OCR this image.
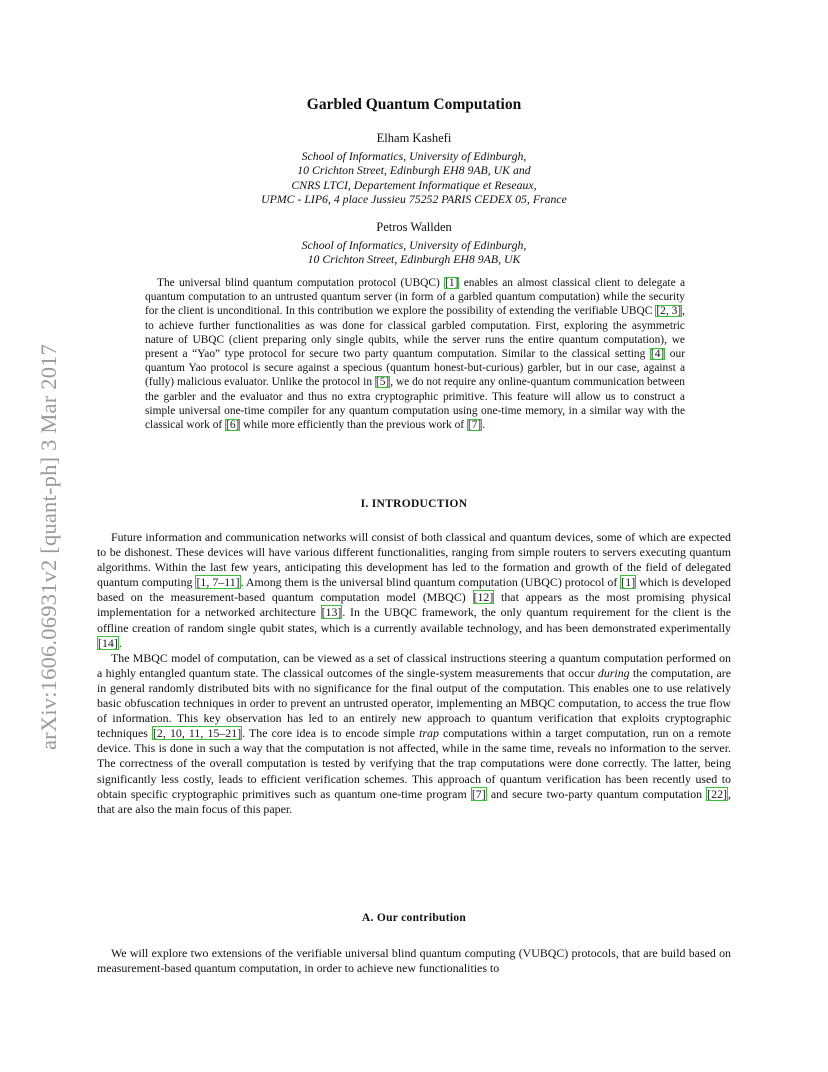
arXiv:1606.06931v2 [quant-ph] 3 Mar 2017
Garbled Quantum Computation
Elham Kashefi
School of Informatics, University of Edinburgh,
10 Crichton Street, Edinburgh EH8 9AB, UK and
CNRS LTCI, Departement Informatique et Reseaux,
UPMC - LIP6, 4 place Jussieu 75252 PARIS CEDEX 05, France
Petros Wallden
School of Informatics, University of Edinburgh,
10 Crichton Street, Edinburgh EH8 9AB, UK
The universal blind quantum computation protocol (UBQC) [1] enables an almost classical client to delegate a quantum computation to an untrusted quantum server (in form of a garbled quantum computation) while the security for the client is unconditional. In this contribution we explore the possibility of extending the verifiable UBQC [2, 3], to achieve further functionalities as was done for classical garbled computation. First, exploring the asymmetric nature of UBQC (client preparing only single qubits, while the server runs the entire quantum computation), we present a “Yao” type protocol for secure two party quantum computation. Similar to the classical setting [4] our quantum Yao protocol is secure against a specious (quantum honest-but-curious) garbler, but in our case, against a (fully) malicious evaluator. Unlike the protocol in [5], we do not require any online-quantum communication between the garbler and the evaluator and thus no extra cryptographic primitive. This feature will allow us to construct a simple universal one-time compiler for any quantum computation using one-time memory, in a similar way with the classical work of [6] while more efficiently than the previous work of [7].
I. INTRODUCTION

Future information and communication networks will consist of both classical and quantum devices, some of which are expected to be dishonest. These devices will have various different functionalities, ranging from simple routers to servers executing quantum algorithms. Within the last few years, anticipating this development has led to the formation and growth of the field of delegated quantum computing [1, 7–11]. Among them is the universal blind quantum computation (UBQC) protocol of [1] which is developed based on the measurement-based quantum computation model (MBQC) [12] that appears as the most promising physical implementation for a networked architecture [13]. In the UBQC framework, the only quantum requirement for the client is the offline creation of random single qubit states, which is a currently available technology, and has been demonstrated experimentally [14].

The MBQC model of computation, can be viewed as a set of classical instructions steering a quantum computation performed on a highly entangled quantum state. The classical outcomes of the single-system measurements that occur during the computation, are in general randomly distributed bits with no significance for the final output of the computation. This enables one to use relatively basic obfuscation techniques in order to prevent an untrusted operator, implementing an MBQC computation, to access the true flow of information. This key observation has led to an entirely new approach to quantum verification that exploits cryptographic techniques [2, 10, 11, 15–21]. The core idea is to encode simple trap computations within a target computation, run on a remote device. This is done in such a way that the computation is not affected, while in the same time, reveals no information to the server. The correctness of the overall computation is tested by verifying that the trap computations were done correctly. The latter, being significantly less costly, leads to efficient verification schemes. This approach of quantum verification has been recently used to obtain specific cryptographic primitives such as quantum one-time program [7] and secure two-party quantum computation [22], that are also the main focus of this paper.

A. Our contribution

We will explore two extensions of the verifiable universal blind quantum computing (VUBQC) protocols, that are build based on measurement-based quantum computation, in order to achieve new functionalities to
